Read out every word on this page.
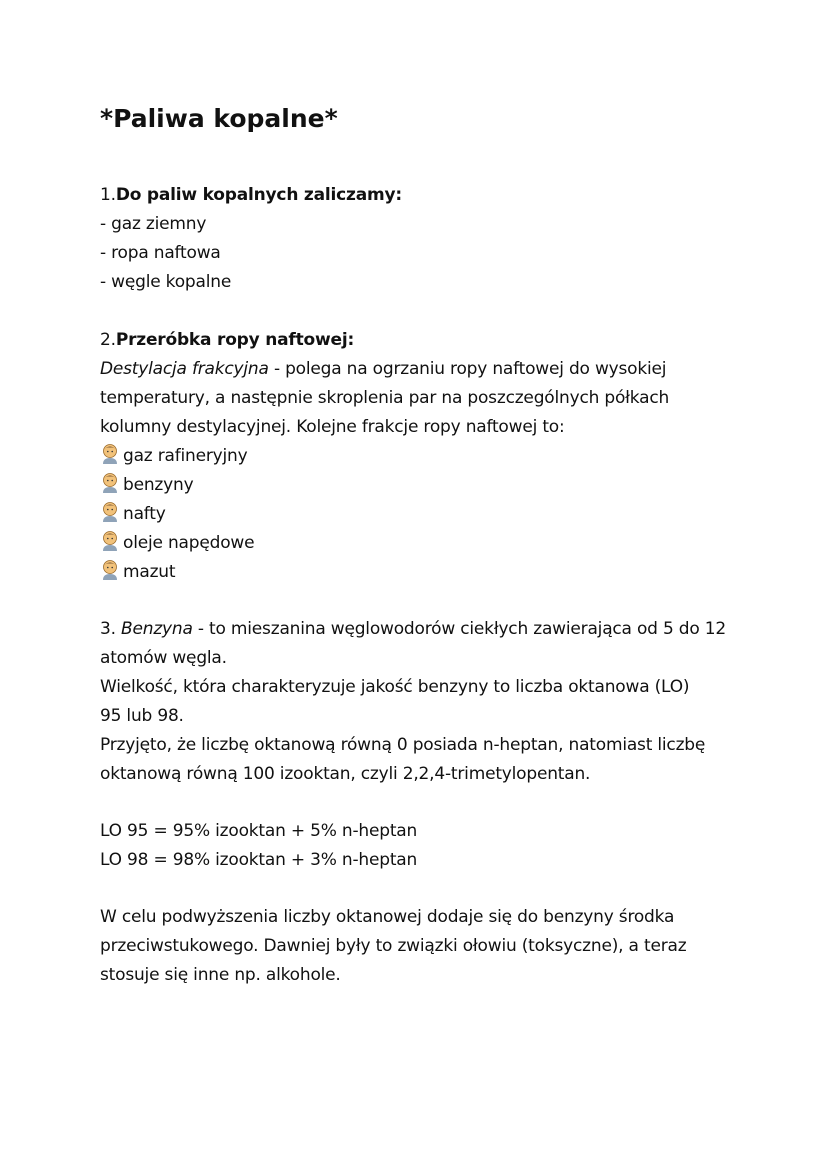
*Paliwa kopalne*
1.Do paliw kopalnych zaliczamy:
- gaz ziemny
- ropa naftowa
- węgle kopalne
2.Przeróbka ropy naftowej:
Destylacja frakcyjna - polega na ogrzaniu ropy naftowej do wysokiej
temperatury, a następnie skroplenia par na poszczególnych półkach
kolumny destylacyjnej. Kolejne frakcje ropy naftowej to:
gaz rafineryjny
benzyny
nafty
oleje napędowe
mazut
3. Benzyna - to mieszanina węglowodorów ciekłych zawierająca od 5 do 12
atomów węgla.
Wielkość, która charakteryzuje jakość benzyny to liczba oktanowa (LO)
95 lub 98.
Przyjęto, że liczbę oktanową równą 0 posiada n-heptan, natomiast liczbę
oktanową równą 100 izooktan, czyli 2,2,4-trimetylopentan.
LO 95 = 95% izooktan + 5% n-heptan
LO 98 = 98% izooktan + 3% n-heptan
W celu podwyższenia liczby oktanowej dodaje się do benzyny środka
przeciwstukowego. Dawniej były to związki ołowiu (toksyczne), a teraz
stosuje się inne np. alkohole.
